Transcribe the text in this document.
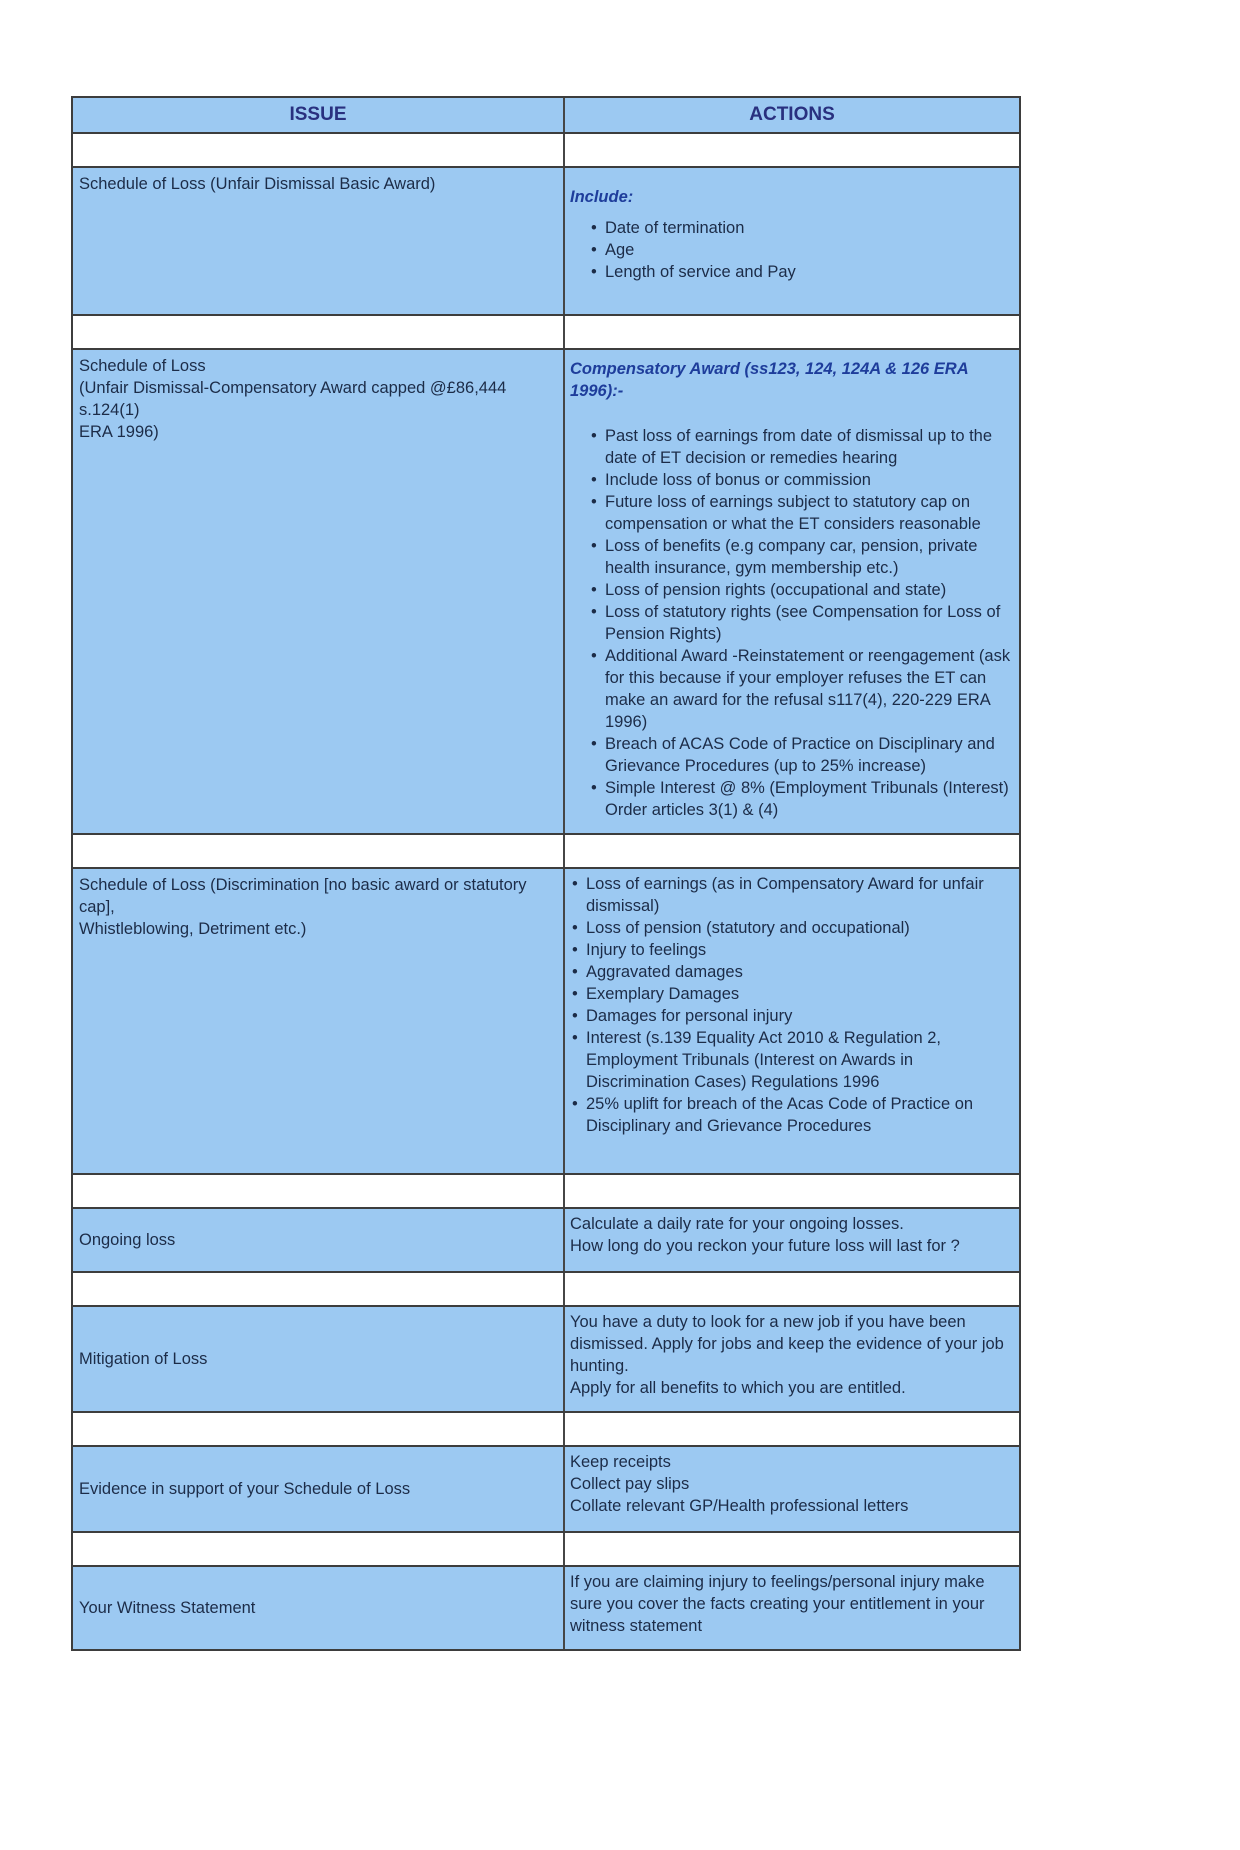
ISSUE	ACTIONS
Schedule of Loss (Unfair Dismissal Basic Award)
Include:
• Date of termination
• Age
• Length of service and Pay
Schedule of Loss
(Unfair Dismissal-Compensatory Award capped @£86,444 s.124(1)
ERA 1996)
Compensatory Award (ss123, 124, 124A & 126 ERA 1996):-
• Past loss of earnings from date of dismissal up to the date of ET decision or remedies hearing
• Include loss of bonus or commission
• Future loss of earnings subject to statutory cap on compensation or what the ET considers reasonable
• Loss of benefits (e.g company car, pension, private health insurance, gym membership etc.)
• Loss of pension rights (occupational and state)
• Loss of statutory rights (see Compensation for Loss of Pension Rights)
• Additional Award -Reinstatement or reengagement (ask for this because if your employer refuses the ET can make an award for the refusal s117(4), 220-229 ERA 1996)
• Breach of ACAS Code of Practice on Disciplinary and Grievance Procedures (up to 25% increase)
• Simple Interest @ 8% (Employment Tribunals (Interest) Order articles 3(1) & (4)
Schedule of Loss (Discrimination [no basic award or statutory cap],
Whistleblowing, Detriment etc.)
• Loss of earnings (as in Compensatory Award for unfair dismissal)
• Loss of pension (statutory and occupational)
• Injury to feelings
• Aggravated damages
• Exemplary Damages
• Damages for personal injury
• Interest (s.139 Equality Act 2010 & Regulation 2, Employment Tribunals (Interest on Awards in Discrimination Cases) Regulations 1996
• 25% uplift for breach of the Acas Code of Practice on Disciplinary and Grievance Procedures
Ongoing loss
Calculate a daily rate for your ongoing losses.
How long do you reckon your future loss will last for ?
Mitigation of Loss
You have a duty to look for a new job if you have been dismissed. Apply for jobs and keep the evidence of your job hunting.
Apply for all benefits to which you are entitled.
Evidence in support of your Schedule of Loss
Keep receipts
Collect pay slips
Collate relevant GP/Health professional letters
Your Witness Statement
If you are claiming injury to feelings/personal injury make sure you cover the facts creating your entitlement in your witness statement
